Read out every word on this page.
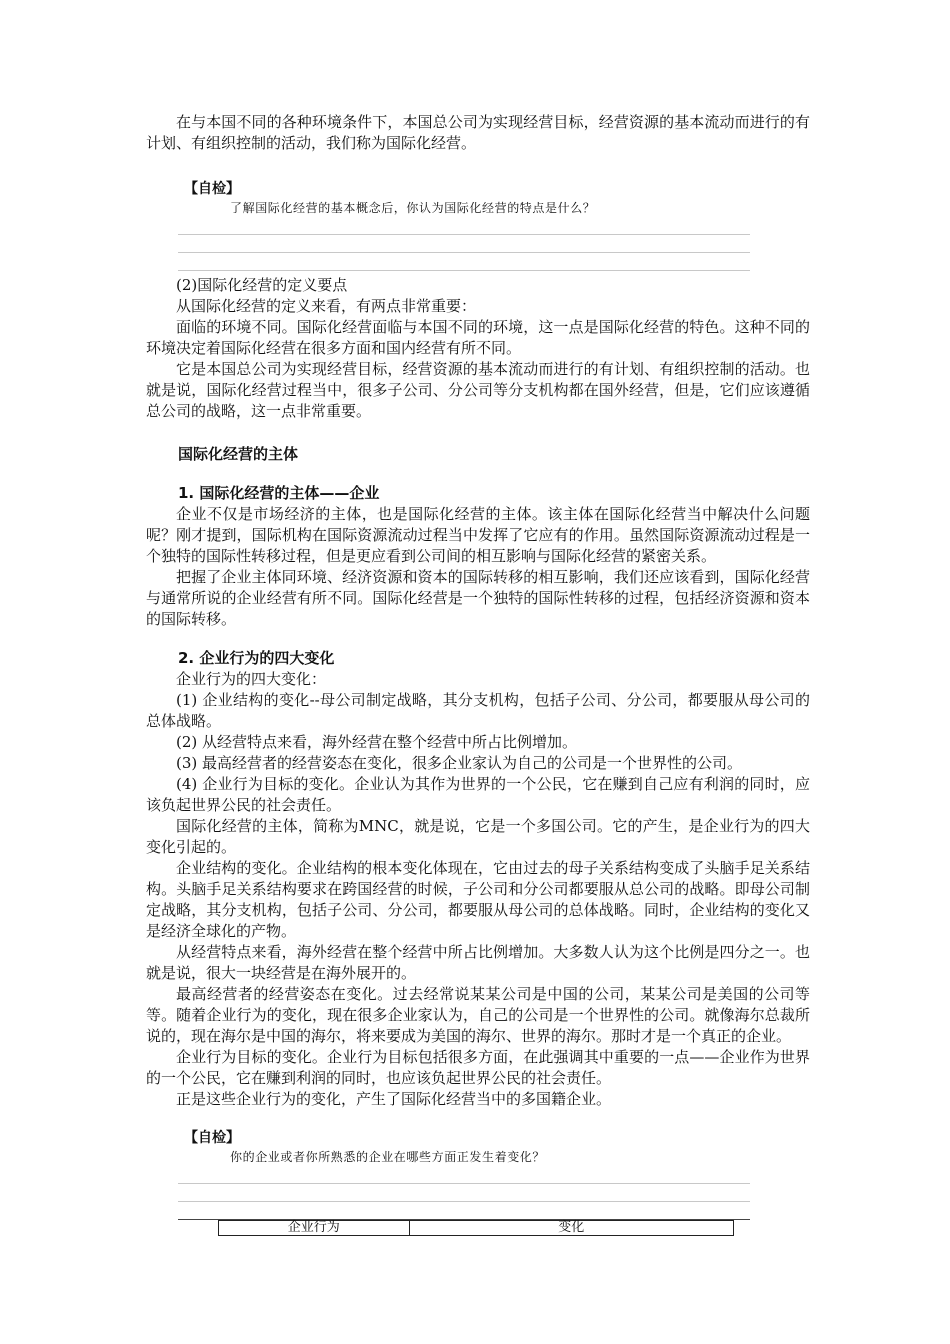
在与本国不同的各种环境条件下，本国总公司为实现经营目标，经营资源的基本流动而进行的有计划、有组织控制的活动，我们称为国际化经营。

【自检】
了解国际化经营的基本概念后，你认为国际化经营的特点是什么？

(2)国际化经营的定义要点

从国际化经营的定义来看，有两点非常重要：

面临的环境不同。国际化经营面临与本国不同的环境，这一点是国际化经营的特色。这种不同的环境决定着国际化经营在很多方面和国内经营有所不同。

它是本国总公司为实现经营目标，经营资源的基本流动而进行的有计划、有组织控制的活动。也就是说，国际化经营过程当中，很多子公司、分公司等分支机构都在国外经营，但是，它们应该遵循总公司的战略，这一点非常重要。

国际化经营的主体
1. 国际化经营的主体——企业

企业不仅是市场经济的主体，也是国际化经营的主体。该主体在国际化经营当中解决什么问题呢？刚才提到，国际机构在国际资源流动过程当中发挥了它应有的作用。虽然国际资源流动过程是一个独特的国际性转移过程，但是更应看到公司间的相互影响与国际化经营的紧密关系。

把握了企业主体同环境、经济资源和资本的国际转移的相互影响，我们还应该看到，国际化经营与通常所说的企业经营有所不同。国际化经营是一个独特的国际性转移的过程，包括经济资源和资本的国际转移。

2. 企业行为的四大变化

企业行为的四大变化：

(1) 企业结构的变化--母公司制定战略，其分支机构，包括子公司、分公司，都要服从母公司的总体战略。

(2) 从经营特点来看，海外经营在整个经营中所占比例增加。

(3) 最高经营者的经营姿态在变化，很多企业家认为自己的公司是一个世界性的公司。

(4) 企业行为目标的变化。企业认为其作为世界的一个公民，它在赚到自己应有利润的同时，应该负起世界公民的社会责任。

国际化经营的主体，简称为MNC，就是说，它是一个多国公司。它的产生，是企业行为的四大变化引起的。

企业结构的变化。企业结构的根本变化体现在，它由过去的母子关系结构变成了头脑手足关系结构。头脑手足关系结构要求在跨国经营的时候，子公司和分公司都要服从总公司的战略。即母公司制定战略，其分支机构，包括子公司、分公司，都要服从母公司的总体战略。同时，企业结构的变化又是经济全球化的产物。

从经营特点来看，海外经营在整个经营中所占比例增加。大多数人认为这个比例是四分之一。也就是说，很大一块经营是在海外展开的。

最高经营者的经营姿态在变化。过去经常说某某公司是中国的公司，某某公司是美国的公司等等。随着企业行为的变化，现在很多企业家认为，自己的公司是一个世界性的公司。就像海尔总裁所说的，现在海尔是中国的海尔，将来要成为美国的海尔、世界的海尔。那时才是一个真正的企业。

企业行为目标的变化。企业行为目标包括很多方面，在此强调其中重要的一点——企业作为世界的一个公民，它在赚到利润的同时，也应该负起世界公民的社会责任。

正是这些企业行为的变化，产生了国际化经营当中的多国籍企业。

【自检】
你的企业或者你所熟悉的企业在哪些方面正发生着变化？
企业行为	变化
